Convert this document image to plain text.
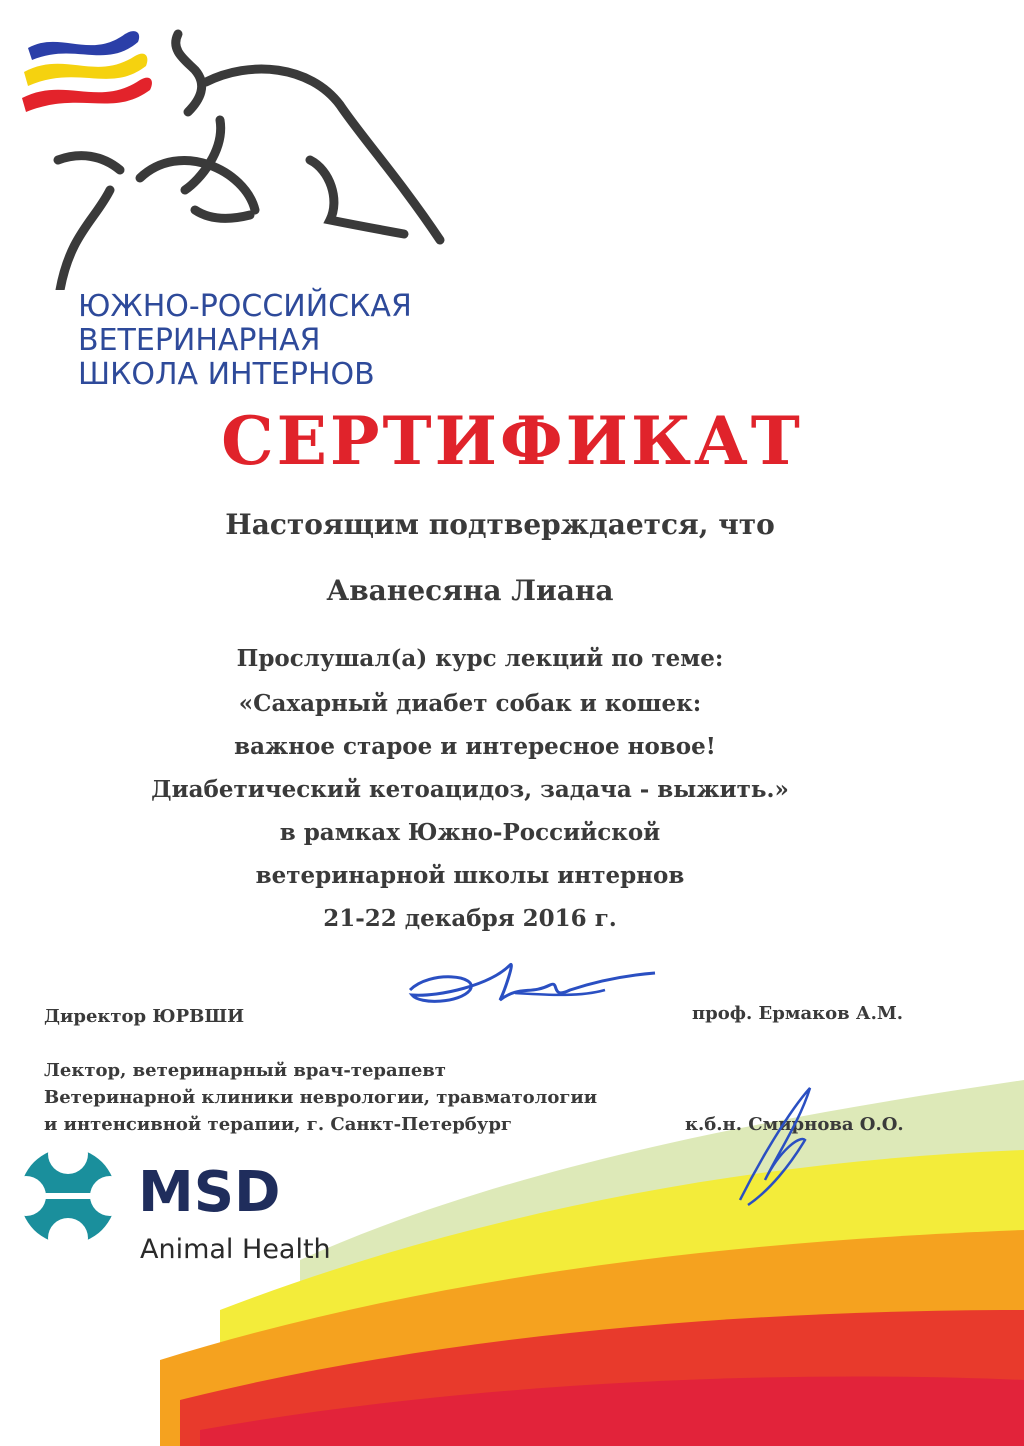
ЮЖНО-РОССИЙСКАЯ
ВЕТЕРИНАРНАЯ
ШКОЛА ИНТЕРНОВ
СЕРТИФИКАТ
Настоящим подтверждается, что
Аванесяна Лиана
Прослушал(а) курс лекций по теме:
«Сахарный диабет собак и кошек:
важное старое и интересное новое!
Диабетический кетоацидоз, задача - выжить.»
в рамках Южно-Российской
ветеринарной школы интернов
21-22 декабря 2016 г.
Директор ЮРВШИ	проф. Ермаков А.М.
Лектор, ветеринарный врач-терапевт
Ветеринарной клиники неврологии, травматологии
и интенсивной терапии, г. Санкт-Петербург	к.б.н. Смирнова О.О.
MSD
Animal Health
